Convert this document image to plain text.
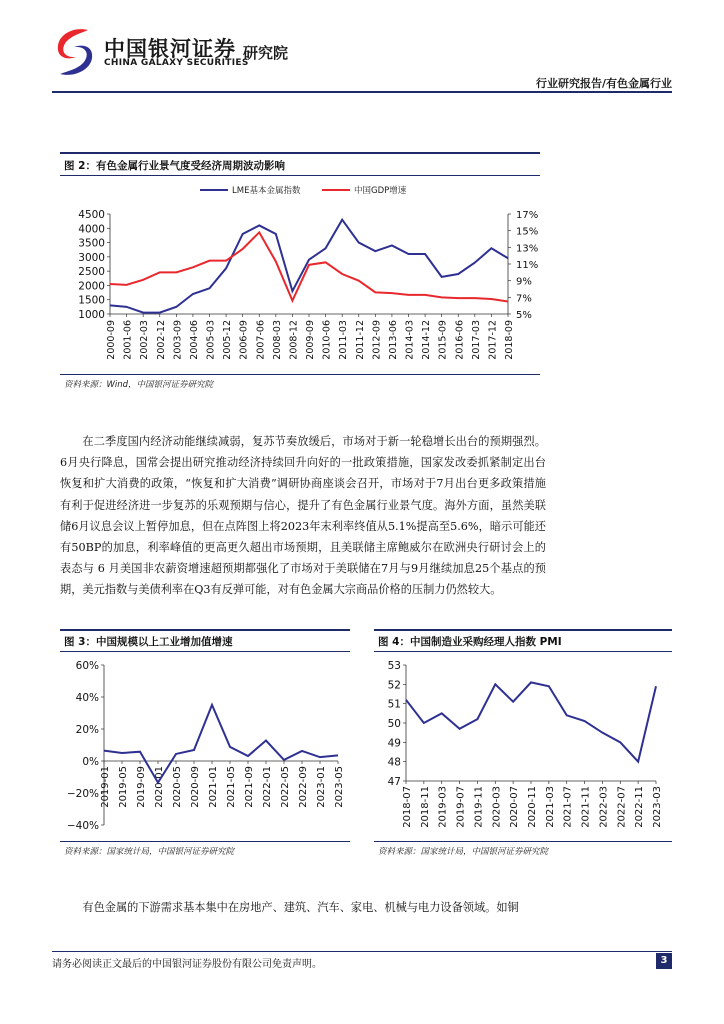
中国银河证券
CHINA GALAXY SECURITIES
研究院
行业研究报告/有色金属行业
图 2：有色金属行业景气度受经济周期波动影响
LME基本金属指数	中国GDP增速
4500
4000
3500
3000
2500
2000
1500
1000
17%
15%
13%
11%
9%
7%
5%
2000-09 2001-06 2002-03 2002-12 2003-09 2004-06 2005-03 2005-12 2006-09 2007-06 2008-03 2008-12 2009-09 2010-06 2011-03 2011-12 2012-09 2013-06 2014-03 2014-12 2015-09 2016-06 2017-03 2017-12 2018-09
资料来源：Wind，中国银河证券研究院
在二季度国内经济动能继续减弱，复苏节奏放缓后，市场对于新一轮稳增长出台的预期强烈。6月央行降息，国常会提出研究推动经济持续回升向好的一批政策措施，国家发改委抓紧制定出台恢复和扩大消费的政策，“恢复和扩大消费”调研协商座谈会召开，市场对于7月出台更多政策措施有利于促进经济进一步复苏的乐观预期与信心，提升了有色金属行业景气度。海外方面，虽然美联储6月议息会议上暂停加息，但在点阵图上将2023年末利率终值从5.1%提高至5.6%，暗示可能还有50BP的加息，利率峰值的更高更久超出市场预期，且美联储主席鲍威尔在欧洲央行研讨会上的表态与 6 月美国非农薪资增速超预期都强化了市场对于美联储在7月与9月继续加息25个基点的预期，美元指数与美债利率在Q3有反弹可能，对有色金属大宗商品价格的压制力仍然较大。
图 3：中国规模以上工业增加值增速
60%
40%
20%
0%
−20%
−40%
2019-01 2019-05 2019-09 2020-01 2020-05 2020-09 2021-01 2021-05 2021-09 2022-01 2022-05 2022-09 2023-01 2023-05
资料来源：国家统计局，中国银河证券研究院
图 4：中国制造业采购经理人指数 PMI
53
52
51
50
49
48
47
2018-07 2018-11 2019-03 2019-07 2019-11 2020-03 2020-07 2020-11 2021-03 2021-07 2021-11 2022-03 2022-07 2022-11 2023-03
资料来源：国家统计局，中国银河证券研究院
有色金属的下游需求基本集中在房地产、建筑、汽车、家电、机械与电力设备领域。如铜
请务必阅读正文最后的中国银河证券股份有限公司免责声明。	3
